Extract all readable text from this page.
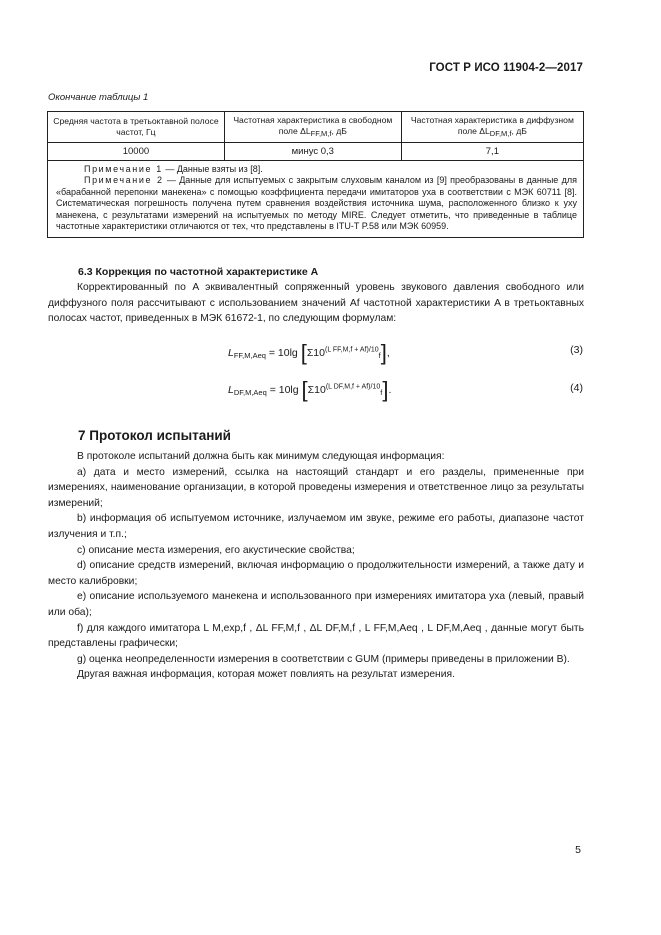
ГОСТ Р ИСО 11904-2—2017
Окончание таблицы 1
Средняя частота в третьоктавной полосе частот, Гц	Частотная характеристика в свободном поле $\Delta L_{FF,M,f}$, дБ	Частотная характеристика в диффузном поле $\Delta L_{DF,M,f}$, дБ
10000	минус 0,3	7,1

Примечание 1 — Данные взяты из [8].
Примечание 2 — Данные для испытуемых с закрытым слуховым каналом из [9] преобразованы в данные для «барабанной перепонки манекена» с помощью коэффициента передачи имитаторов уха в соответствии с МЭК 60711 [8]. Систематическая погрешность получена путем сравнения воздействия источника шума, расположенного близко к уху манекена, с результатами измерений на испытуемых по методу MIRE. Следует отметить, что приведенные в таблице частотные характеристики отличаются от тех, что представлены в ITU-T P.58 или МЭК 60959.		
6.3 Коррекция по частотной характеристике A
Корректированный по A эквивалентный сопряженный уровень звукового давления свободного или диффузного поля рассчитывают с использованием значений Af частотной характеристики A в третьоктавных полосах частот, приведенных в МЭК 61672-1, по следующим формулам:
$L_{FF,M,Aeq} = 10\lg$ $[\Sigma 10^{(L FF,M,f + Af)/10}_f]$,	(3)
$L_{DF,M,Aeq} = 10\lg$ $[\Sigma 10^{(L DF,M,f + Af)/10}_f]$.	(4)
7 Протокол испытаний
В протоколе испытаний должна быть как минимум следующая информация:
a) дата и место измерений, ссылка на настоящий стандарт и его разделы, примененные при измерениях, наименование организации, в которой проведены измерения и ответственное лицо за результаты измерений;
b) информация об испытуемом источнике, излучаемом им звуке, режиме его работы, диапазоне частот излучения и т.п.;
c) описание места измерения, его акустические свойства;
d) описание средств измерений, включая информацию о продолжительности измерений, а также дату и место калибровки;
e) описание используемого манекена и использованного при измерениях имитатора уха (левый, правый или оба);
f) для каждого имитатора L M,exp,f , ΔL FF,M,f , ΔL DF,M,f , L FF,M,Aeq , L DF,M,Aeq , данные могут быть представлены графически;
g) оценка неопределенности измерения в соответствии с GUM (примеры приведены в приложении B).
Другая важная информация, которая может повлиять на результат измерения.
5
